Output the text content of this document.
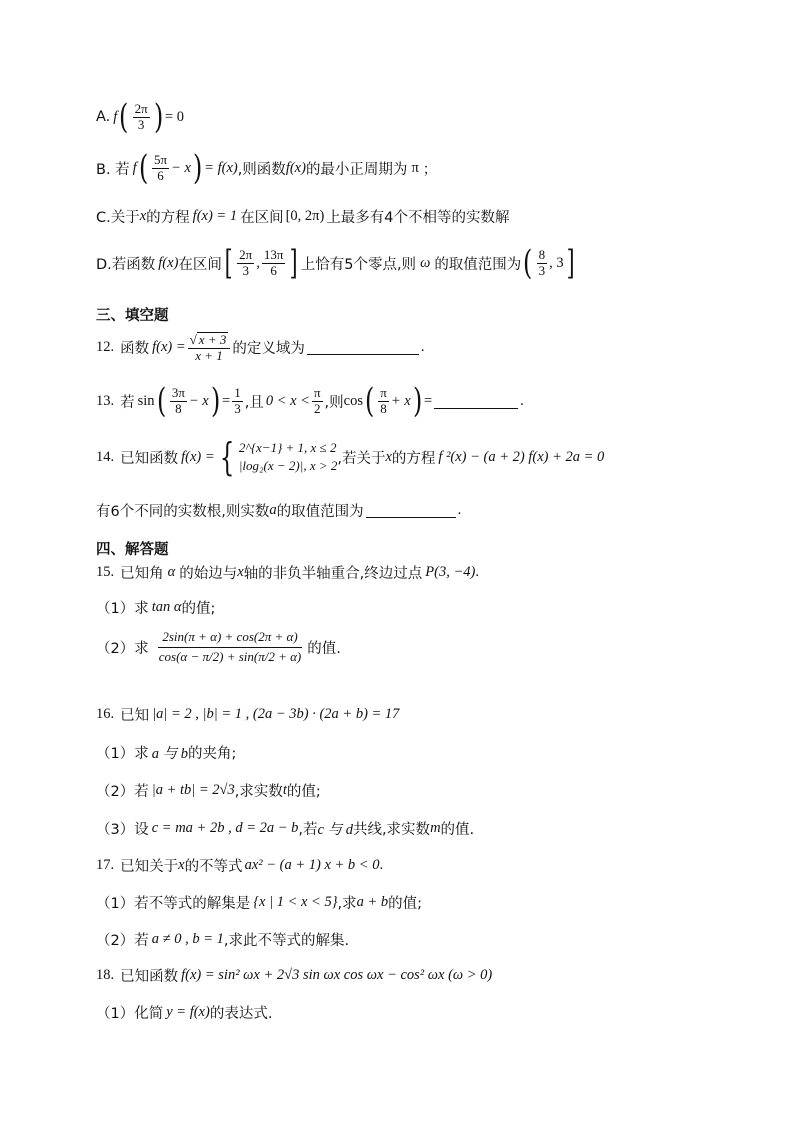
A. f ( $\frac{2\pi}{3}$ ) = 0
B. 若 f ( $\frac{5\pi}{6} - x$ ) = f(x) ,则函数 f(x) 的最小正周期为 π ；
C.关于 x 的方程 f(x) = 1 在区间 [0, 2π) 上最多有4个不相等的实数解
D.若函数 f(x) 在区间 [ $\frac{2\pi}{3}$ , $\frac{13\pi}{6}$ ] 上恰有5个零点,则 ω 的取值范围为 ( $\frac{8}{3}$ , 3 ]
三、填空题
12. 函数 $f(x) = \frac{√ x + 3}{x + 1}$ 的定义域为	.
13. 若 sin ( $\frac{3\pi}{8} - x$ ) = $\frac{1}{3}$ ,且 $0 < x < \frac{\pi}{2}$ ,则 cos ( $\frac{\pi}{8} + x$ ) =	.
14. 已知函数 f(x) = { 2^{x−1} + 1, x ≤ 2
|log₂(x − 2)|, x > 2 ,若关于 x 的方程 f ²(x) − (a + 2) f(x) + 2a = 0
有6个不同的实数根,则实数 a 的取值范围为	.
四、解答题
15. 已知角 α 的始边与 x 轴的非负半轴重合,终边过点 P(3, −4) .
（1）求 tan α 的值;
（2）求 $\frac{2\sin(\pi + \alpha) + \cos(2\pi + \alpha)}{\cos(\alpha - \pi/2) + \sin(\pi/2 + \alpha)}$ 的值.
16. 已知 |a| = 2 , |b| = 1 , (2a − 3b) · (2a + b) = 17
（1）求 a 与 b 的夹角;
（2）若 |a + tb| = 2√3 ,求实数 t 的值;
（3）设 c = ma + 2b , d = 2a − b ,若 c 与 d 共线,求实数 m 的值.
17. 已知关于 x 的不等式 ax² − (a + 1) x + b < 0 .
（1）若不等式的解集是 {x | 1 < x < 5} ,求 a + b 的值;
（2）若 a ≠ 0 , b = 1 ,求此不等式的解集.
18. 已知函数 f(x) = sin² ωx + 2√3 sin ωx cos ωx − cos² ωx (ω > 0)
（1）化简 y = f(x) 的表达式.
